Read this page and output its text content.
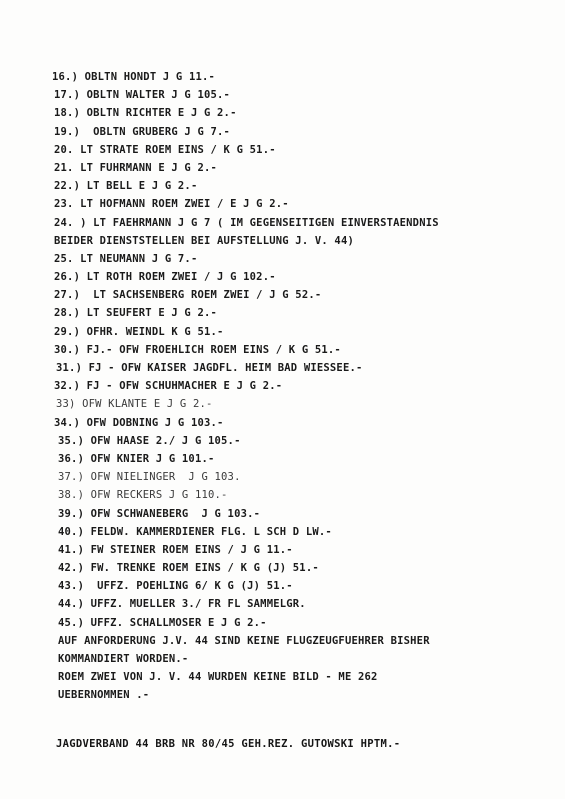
16.) OBLTN HONDT J G 11.-
17.) OBLTN WALTER J G 105.-
18.) OBLTN RICHTER E J G 2.-
19.)  OBLTN GRUBERG J G 7.-
20. LT STRATE ROEM EINS / K G 51.-
21. LT FUHRMANN E J G 2.-
22.) LT BELL E J G 2.-
23. LT HOFMANN ROEM ZWEI / E J G 2.-
24. ) LT FAEHRMANN J G 7 ( IM GEGENSEITIGEN EINVERSTAENDNIS
BEIDER DIENSTSTELLEN BEI AUFSTELLUNG J. V. 44)
25. LT NEUMANN J G 7.-
26.) LT ROTH ROEM ZWEI / J G 102.-
27.)  LT SACHSENBERG ROEM ZWEI / J G 52.-
28.) LT SEUFERT E J G 2.-
29.) OFHR. WEINDL K G 51.-
30.) FJ.- OFW FROEHLICH ROEM EINS / K G 51.-
31.) FJ - OFW KAISER JAGDFL. HEIM BAD WIESSEE.-
32.) FJ - OFW SCHUHMACHER E J G 2.-
33) OFW KLANTE E J G 2.-
34.) OFW DOBNING J G 103.-
35.) OFW HAASE 2./ J G 105.-
36.) OFW KNIER J G 101.-
37.) OFW NIELINGER  J G 103.
38.) OFW RECKERS J G 110.-
39.) OFW SCHWANEBERG  J G 103.-
40.) FELDW. KAMMERDIENER FLG. L SCH D LW.-
41.) FW STEINER ROEM EINS / J G 11.-
42.) FW. TRENKE ROEM EINS / K G (J) 51.-
43.)  UFFZ. POEHLING 6/ K G (J) 51.-
44.) UFFZ. MUELLER 3./ FR FL SAMMELGR.
45.) UFFZ. SCHALLMOSER E J G 2.-
AUF ANFORDERUNG J.V. 44 SIND KEINE FLUGZEUGFUEHRER BISHER
KOMMANDIERT WORDEN.-
ROEM ZWEI VON J. V. 44 WURDEN KEINE BILD - ME 262
UEBERNOMMEN .-
JAGDVERBAND 44 BRB NR 80/45 GEH.REZ. GUTOWSKI HPTM.-
